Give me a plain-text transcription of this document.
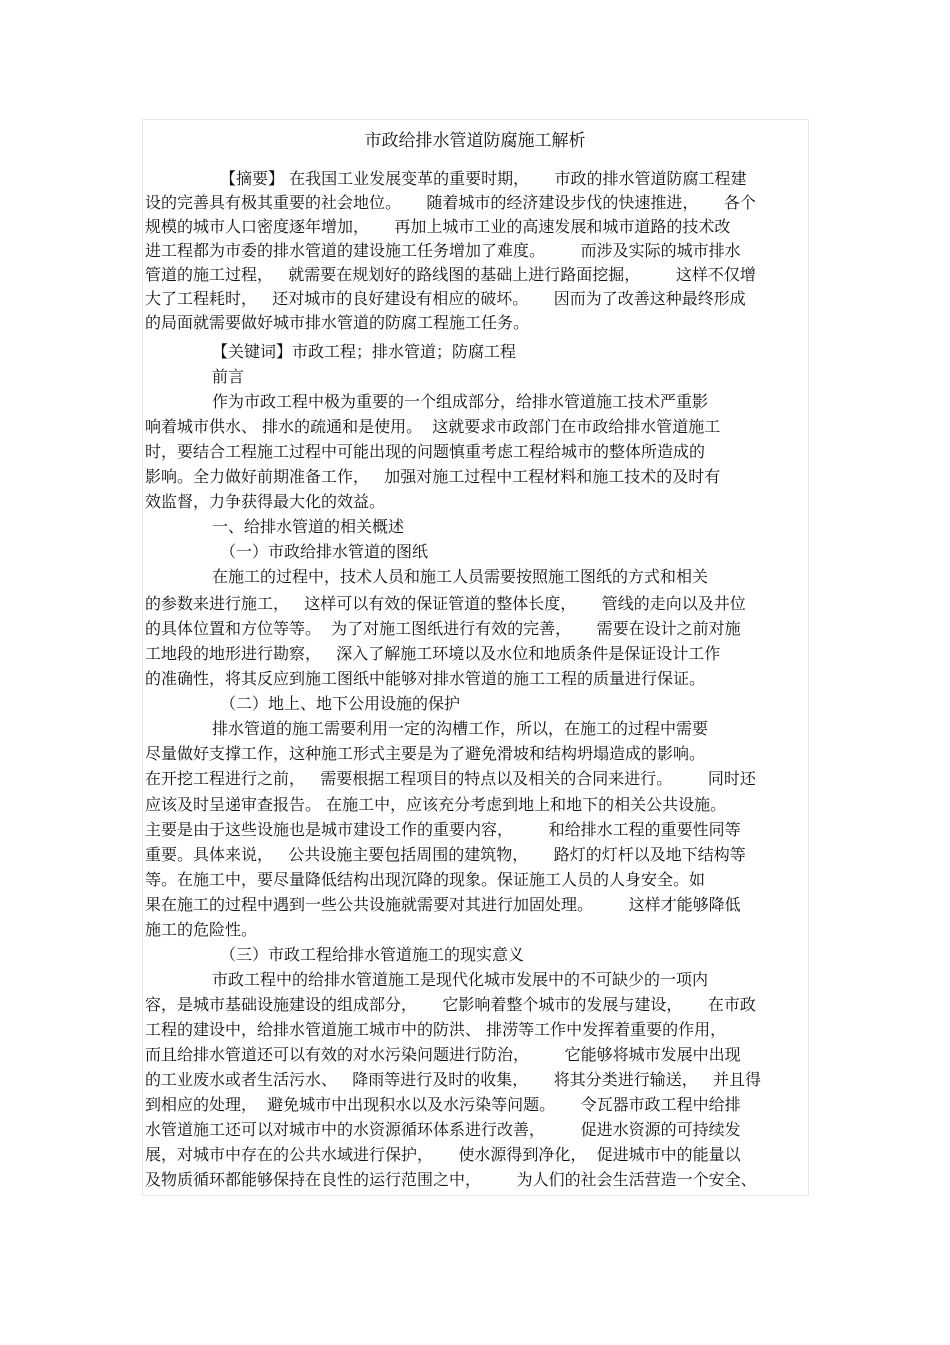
市政给排水管道防腐施工解析
【摘要】 在我国工业发展变革的重要时期，     市政的排水管道防腐工程建
设的完善具有极其重要的社会地位。     随着城市的经济建设步伐的快速推进，     各个
规模的城市人口密度逐年增加，     再加上城市工业的高速发展和城市道路的技术改
进工程都为市委的排水管道的建设施工任务增加了难度。       而涉及实际的城市排水
管道的施工过程，   就需要在规划好的路线图的基础上进行路面挖掘，       这样不仅增
大了工程耗时，   还对城市的良好建设有相应的破坏。     因而为了改善这种最终形成
的局面就需要做好城市排水管道的防腐工程施工任务。
【关键词】市政工程；排水管道；防腐工程
前言
作为市政工程中极为重要的一个组成部分，给排水管道施工技术严重影
响着城市供水、 排水的疏通和是使用。  这就要求市政部门在市政给排水管道施工
时，要结合工程施工过程中可能出现的问题慎重考虑工程给城市的整体所造成的
影响。全力做好前期准备工作，   加强对施工过程中工程材料和施工技术的及时有
效监督，力争获得最大化的效益。
一、给排水管道的相关概述
（一）市政给排水管道的图纸
在施工的过程中，技术人员和施工人员需要按照施工图纸的方式和相关
的参数来进行施工，   这样可以有效的保证管道的整体长度，     管线的走向以及井位
的具体位置和方位等等。  为了对施工图纸进行有效的完善，     需要在设计之前对施
工地段的地形进行勘察，   深入了解施工环境以及水位和地质条件是保证设计工作
的准确性，将其反应到施工图纸中能够对排水管道的施工工程的质量进行保证。
（二）地上、地下公用设施的保护
排水管道的施工需要利用一定的沟槽工作，所以，在施工的过程中需要
尽量做好支撑工作，这种施工形式主要是为了避免滑坡和结构坍塌造成的影响。
在开挖工程进行之前，   需要根据工程项目的特点以及相关的合同来进行。       同时还
应该及时呈递审查报告。 在施工中，应该充分考虑到地上和地下的相关公共设施。
主要是由于这些设施也是城市建设工作的重要内容，       和给排水工程的重要性同等
重要。具体来说，   公共设施主要包括周围的建筑物，     路灯的灯杆以及地下结构等
等。在施工中，要尽量降低结构出现沉降的现象。保证施工人员的人身安全。如
果在施工的过程中遇到一些公共设施就需要对其进行加固处理。       这样才能够降低
施工的危险性。
（三）市政工程给排水管道施工的现实意义
市政工程中的给排水管道施工是现代化城市发展中的不可缺少的一项内
容，是城市基础设施建设的组成部分，     它影响着整个城市的发展与建设，     在市政
工程的建设中，给排水管道施工城市中的防洪、 排涝等工作中发挥着重要的作用，
而且给排水管道还可以有效的对水污染问题进行防治，       它能够将城市发展中出现
的工业废水或者生活污水、   降雨等进行及时的收集，     将其分类进行输送，   并且得
到相应的处理，  避免城市中出现积水以及水污染等问题。     令瓦器市政工程中给排
水管道施工还可以对城市中的水资源循环体系进行改善，       促进水资源的可持续发
展，对城市中存在的公共水域进行保护，     使水源得到净化，  促进城市中的能量以
及物质循环都能够保持在良性的运行范围之中，       为人们的社会生活营造一个安全、
